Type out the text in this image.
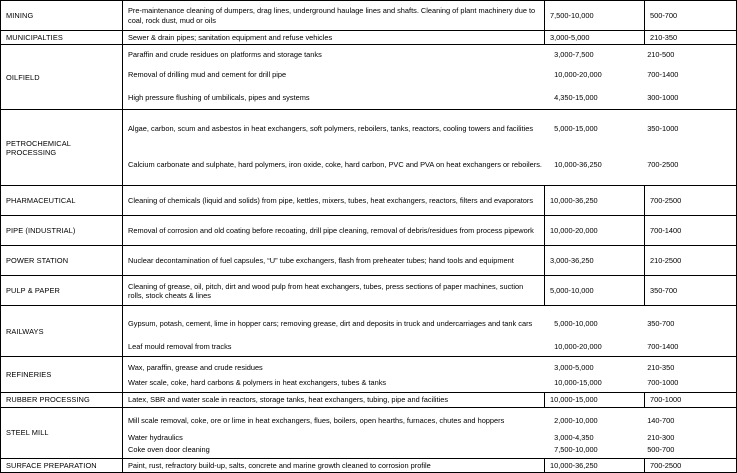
MINING	Pre-maintenance cleaning of dumpers, drag lines, underground haulage lines and shafts. Cleaning of plant machinery due to coal, rock dust, mud or oils	7,500-10,000	500-700
MUNICIPALTIES	Sewer & drain pipes; sanitation equipment and refuse vehicles	3,000-5,000	210-350
OILFIELD	
Paraffin and crude residues on platforms and storage tanks	3,000-7,500	210-500
Removal of drilling mud and cement for drill pipe	10,000-20,000	700-1400
High pressure flushing of umbilicals, pipes and systems	4,350-15,000	300-1000

PETROCHEMICAL PROCESSING	
Algae, carbon, scum and asbestos in heat exchangers, soft polymers, reboilers, tanks, reactors, cooling towers and facilities	5,000-15,000	350-1000
Calcium carbonate and sulphate, hard polymers, iron oxide, coke, hard carbon, PVC and PVA on heat exchangers or reboilers.	10,000-36,250	700-2500

PHARMACEUTICAL	Cleaning of chemicals (liquid and solids) from pipe, kettles, mixers, tubes, heat exchangers, reactors, filters and evaporators	10,000-36,250	700-2500
PIPE (INDUSTRIAL)	Removal of corrosion and old coating before recoating, drill pipe cleaning, removal of debris/residues from process pipework	10,000-20,000	700-1400
POWER STATION	Nuclear decontamination of fuel capsules, “U” tube exchangers, flash from preheater tubes; hand tools and equipment	3,000-36,250	210-2500
PULP & PAPER	Cleaning of grease, oil, pitch, dirt and wood pulp from heat exchangers, tubes, press sections of paper machines, suction rolls, stock cheats & lines	5,000-10,000	350-700
RAILWAYS	
Gypsum, potash, cement, lime in hopper cars; removing grease, dirt and deposits in truck and undercarriages and tank cars	5,000-10,000	350-700
Leaf mould removal from tracks	10,000-20,000	700-1400

REFINERIES	
Wax, paraffin, grease and crude residues	3,000-5,000	210-350
Water scale, coke, hard carbons & polymers in heat exchangers, tubes & tanks	10,000-15,000	700-1000

RUBBER PROCESSING	Latex, SBR and water scale in reactors, storage tanks, heat exchangers, tubing, pipe and facilities	10,000-15,000	700-1000
STEEL MILL	
Mill scale removal, coke, ore or lime in heat exchangers, flues, boilers, open hearths, furnaces, chutes and hoppers	2,000-10,000	140-700
Water hydraulics	3,000-4,350	210-300
Coke oven door cleaning	7,500-10,000	500-700

SURFACE PREPARATION	Paint, rust, refractory build-up, salts, concrete and marine growth cleaned to corrosion profile	10,000-36,250	700-2500
